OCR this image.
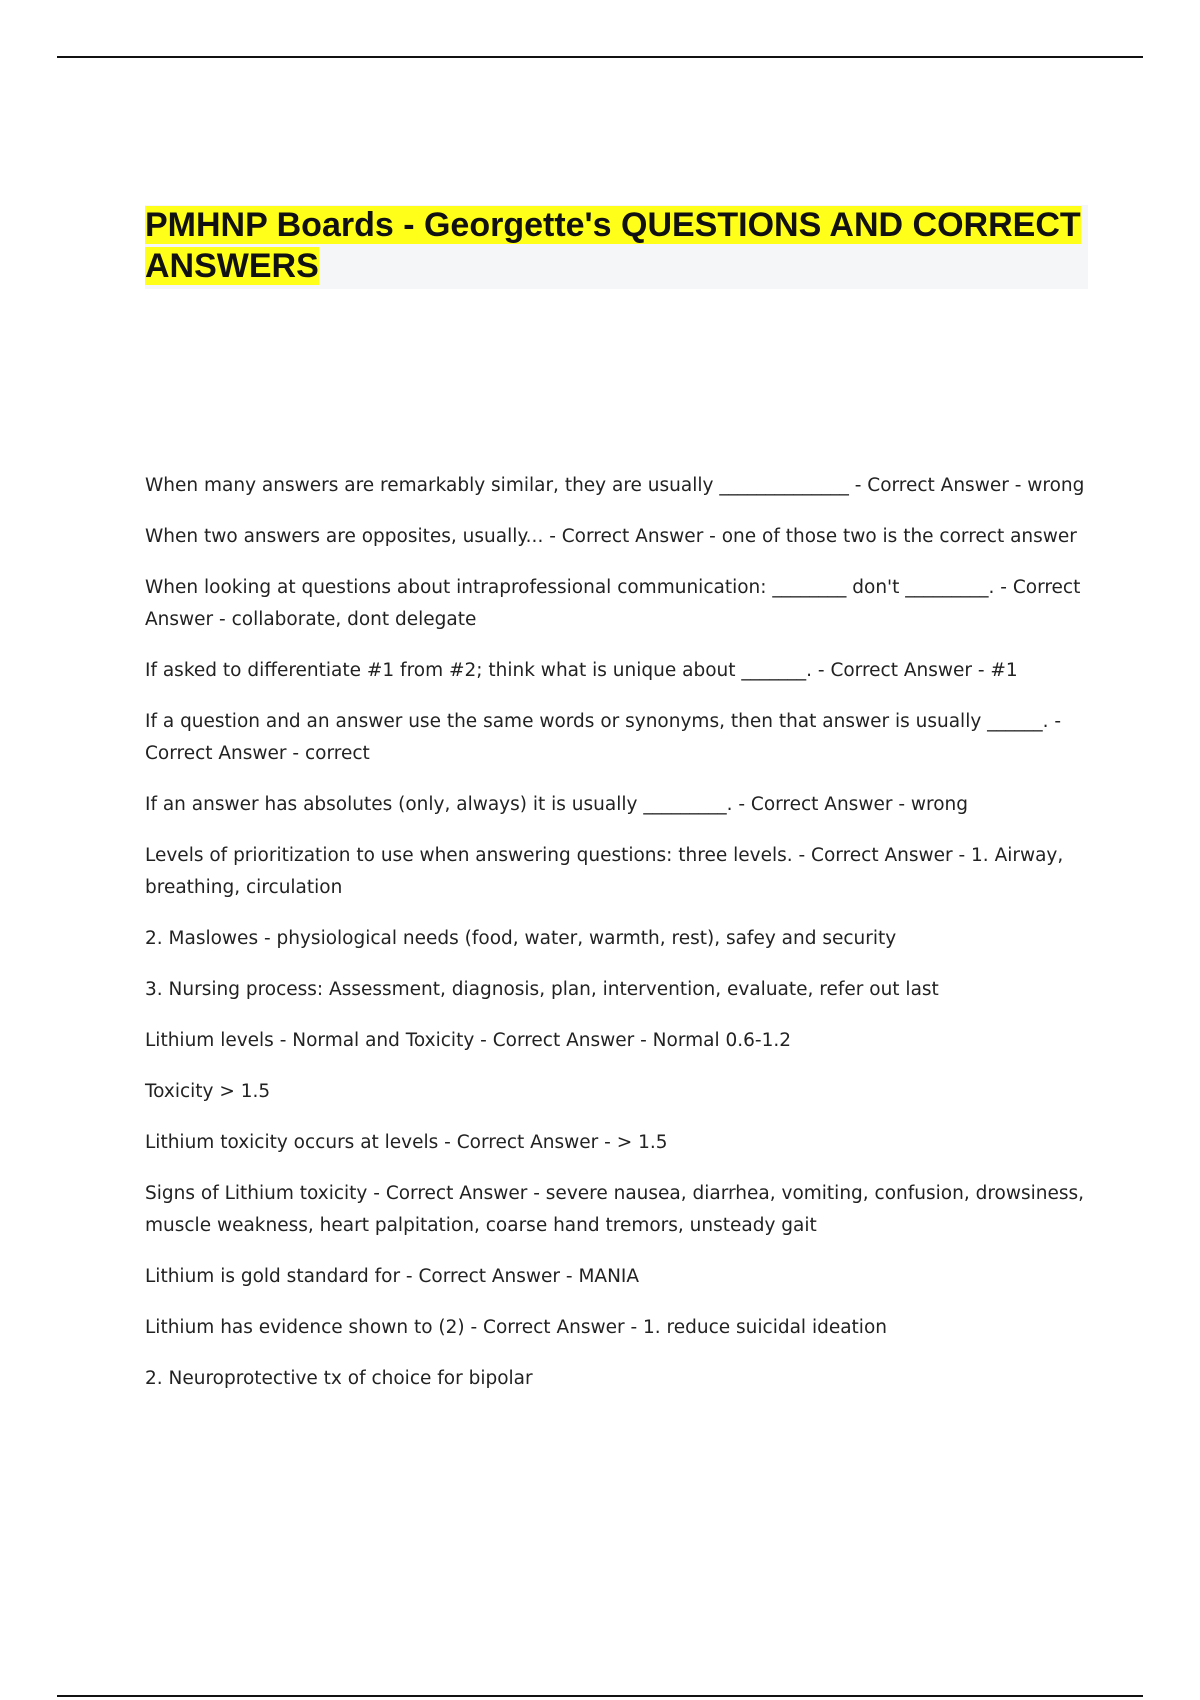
PMHNP Boards - Georgette's QUESTIONS AND CORRECT ANSWERS

When many answers are remarkably similar, they are usually ______________ - Correct Answer - wrong

When two answers are opposites, usually... - Correct Answer - one of those two is the correct answer

When looking at questions about intraprofessional communication: ________ don't _________. - Correct Answer - collaborate, dont delegate

If asked to differentiate #1 from #2; think what is unique about _______. - Correct Answer - #1

If a question and an answer use the same words or synonyms, then that answer is usually ______. - Correct Answer - correct

If an answer has absolutes (only, always) it is usually _________. - Correct Answer - wrong

Levels of prioritization to use when answering questions: three levels. - Correct Answer - 1. Airway, breathing, circulation

2. Maslowes - physiological needs (food, water, warmth, rest), safey and security

3. Nursing process: Assessment, diagnosis, plan, intervention, evaluate, refer out last

Lithium levels - Normal and Toxicity - Correct Answer - Normal 0.6-1.2

Toxicity > 1.5

Lithium toxicity occurs at levels - Correct Answer - > 1.5

Signs of Lithium toxicity - Correct Answer - severe nausea, diarrhea, vomiting, confusion, drowsiness, muscle weakness, heart palpitation, coarse hand tremors, unsteady gait

Lithium is gold standard for - Correct Answer - MANIA

Lithium has evidence shown to (2) - Correct Answer - 1. reduce suicidal ideation

2. Neuroprotective tx of choice for bipolar
